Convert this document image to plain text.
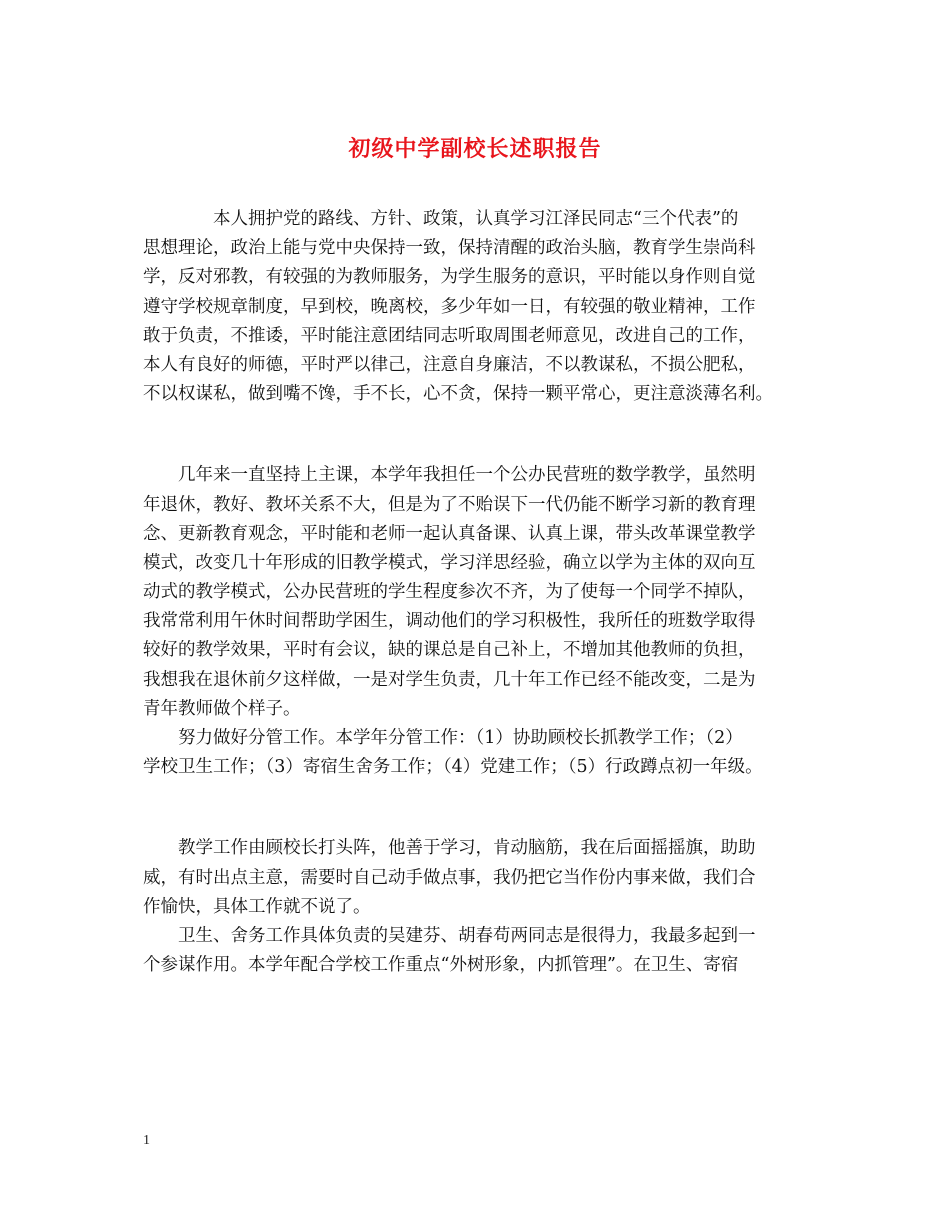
初级中学副校长述职报告
　　　　本人拥护党的路线、方针、政策，认真学习江泽民同志“三个代表”的
思想理论，政治上能与党中央保持一致，保持清醒的政治头脑，教育学生崇尚科
学，反对邪教，有较强的为教师服务，为学生服务的意识，平时能以身作则自觉
遵守学校规章制度，早到校，晚离校，多少年如一日，有较强的敬业精神，工作
敢于负责，不推诿，平时能注意团结同志听取周围老师意见，改进自己的工作，
本人有良好的师德，平时严以律己，注意自身廉洁，不以教谋私，不损公肥私，
不以权谋私，做到嘴不馋，手不长，心不贪，保持一颗平常心，更注意淡薄名利。
　　几年来一直坚持上主课，本学年我担任一个公办民营班的数学教学，虽然明
年退休，教好、教坏关系不大，但是为了不贻误下一代仍能不断学习新的教育理
念、更新教育观念，平时能和老师一起认真备课、认真上课，带头改革课堂教学
模式，改变几十年形成的旧教学模式，学习洋思经验，确立以学为主体的双向互
动式的教学模式，公办民营班的学生程度参次不齐，为了使每一个同学不掉队，
我常常利用午休时间帮助学困生，调动他们的学习积极性，我所任的班数学取得
较好的教学效果，平时有会议，缺的课总是自己补上，不增加其他教师的负担，
我想我在退休前夕这样做，一是对学生负责，几十年工作已经不能改变，二是为
青年教师做个样子。
　　努力做好分管工作。本学年分管工作：（1）协助顾校长抓教学工作；（2）
学校卫生工作；（3）寄宿生舍务工作；（4）党建工作；（5）行政蹲点初一年级。
　　教学工作由顾校长打头阵，他善于学习，肯动脑筋，我在后面摇摇旗，助助
威，有时出点主意，需要时自己动手做点事，我仍把它当作份内事来做，我们合
作愉快，具体工作就不说了。
　　卫生、舍务工作具体负责的吴建芬、胡春苟两同志是很得力，我最多起到一
个参谋作用。本学年配合学校工作重点“外树形象，内抓管理”。在卫生、寄宿
1
